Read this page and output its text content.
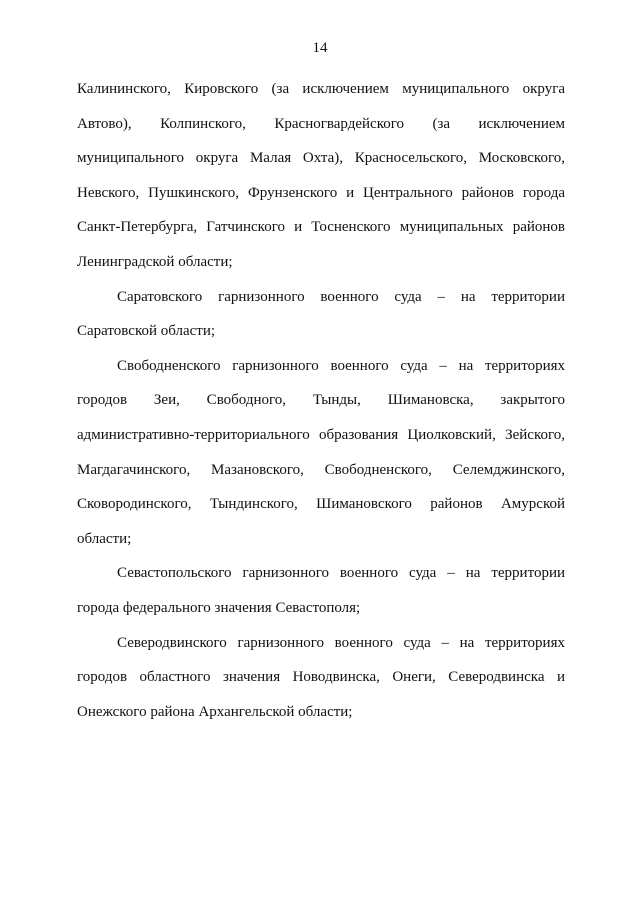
14
Калининского, Кировского (за исключением муниципального округа
Автово), Колпинского, Красногвардейского (за исключением
муниципального округа Малая Охта), Красносельского, Московского,
Невского, Пушкинского, Фрунзенского и Центрального районов города
Санкт-Петербурга, Гатчинского и Тосненского муниципальных районов
Ленинградской области;
Саратовского гарнизонного военного суда – на территории
Саратовской области;
Свободненского гарнизонного военного суда – на территориях
городов Зеи, Свободного, Тынды, Шимановска, закрытого
административно-территориального образования Циолковский, Зейского,
Магдагачинского, Мазановского, Свободненского, Селемджинского,
Сковородинского, Тындинского, Шимановского районов Амурской
области;
Севастопольского гарнизонного военного суда – на территории
города федерального значения Севастополя;
Северодвинского гарнизонного военного суда – на территориях
городов областного значения Новодвинска, Онеги, Северодвинска и
Онежского района Архангельской области;
